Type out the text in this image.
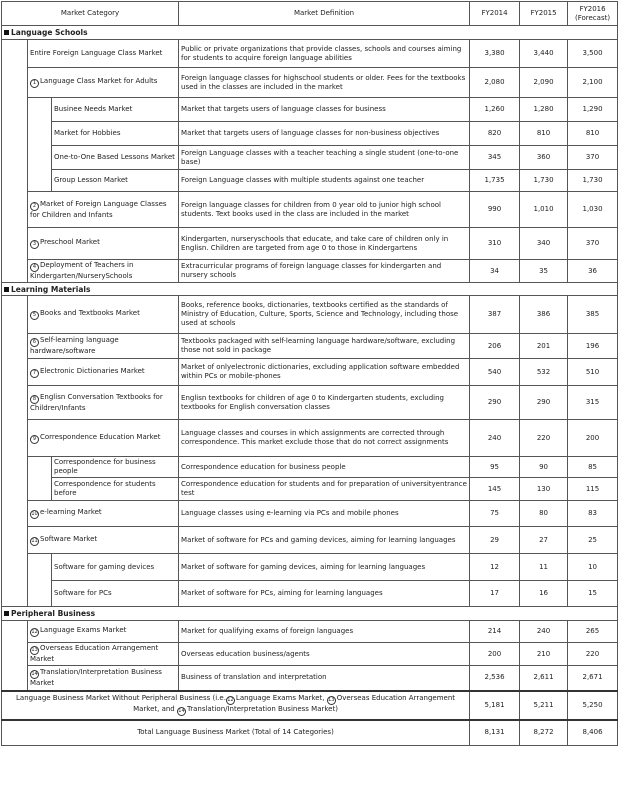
Market Category			Market Definition	FY2014	FY2015	FY2016 (Forecast)
Language Schools						
	Entire Foreign Language Class Market		Public or private organizations that provide classes, schools and courses aiming for students to acquire foreign language abilities	3,380	3,440	3,500
	1 Language Class Market for Adults		Foreign language classes for highschool students or older. Fees for the textbooks used in the classes are included in the market	2,080	2,090	2,100
		Businee Needs Market	Market that targets users of language classes for business	1,260	1,280	1,290
		Market for Hobbies	Market that targets users of language classes for non-business objectives	820	810	810
		One-to-One Based Lessons Market	Foreign Language classes with a teacher teaching a single student (one-to-one base)	345	360	370
		Group Lesson Market	Foreign Language classes with multiple students against one teacher	1,735	1,730	1,730
	2 Market of Foreign Language Classes for Children and Infants		Foreign language classes for children from 0 year old to junior high school students. Text books used in the class are included in the market	990	1,010	1,030
	3 Preschool Market		Kindergarten, nurseryschools that educate, and take care of children only in Englisn. Children are targeted from age 0 to those in Kindergartens	310	340	370
	4 Deployment of Teachers in Kindergarten/NurserySchools		Extracurricular programs of foreign language classes for kindergarten and nursery schools	34	35	36
Learning Materials						
	5 Books and Textbooks Market		Books, reference books, dictionaries, textbooks certified as the standards of Ministry of Education, Culture, Sports, Science and Technology, including those used at schools	387	386	385
	6 Self-learning language hardware/software		Textbooks packaged with self-learning language hardware/software, excluding those not sold in package	206	201	196
	7 Electronic Dictionaries Market		Market of onlyelectronic dictionaries, excluding application software embedded within PCs or mobile-phones	540	532	510
	8 Englisn Conversation Textbooks for Children/Infants		Englisn textbooks for children of age 0 to Kindergarten students, excluding textbooks for English conversation classes	290	290	315
	9 Correspondence Education Market		Language classes and courses in which assignments are corrected through correspondence. This market exclude those that do not correct assignments	240	220	200
		Correspondence for business people	Correspondence education for business people	95	90	85
		Correspondence for students before	Correspondence education for students and for preparation of universityentrance test	145	130	115
	10 e-learning Market		Language classes using e-learning via PCs and mobile phones	75	80	83
	11 Software Market		Market of software for PCs and gaming devices, aiming for learning languages	29	27	25
		Software for gaming devices	Market of software for gaming devices, aiming for learning languages	12	11	10
		Software for PCs	Market of software for PCs, aiming for learning languages	17	16	15
Peripheral Business						
	12 Language Exams Market		Market for qualifying exams of foreign languages	214	240	265
	13 Overseas Education Arrangement Market		Overseas education business/agents	200	210	220
	14 Translation/Interpretation Business Market		Business of translation and interpretation	2,536	2,611	2,671
Language Business Market Without Peripheral Business (i.e.12 Language Exams Market, 13 Overseas Education Arrangement Market, and 14 Translation/Interpretation Business Market)				5,181	5,211	5,250
Total Language Business Market (Total of 14 Categories)				8,131	8,272	8,406
